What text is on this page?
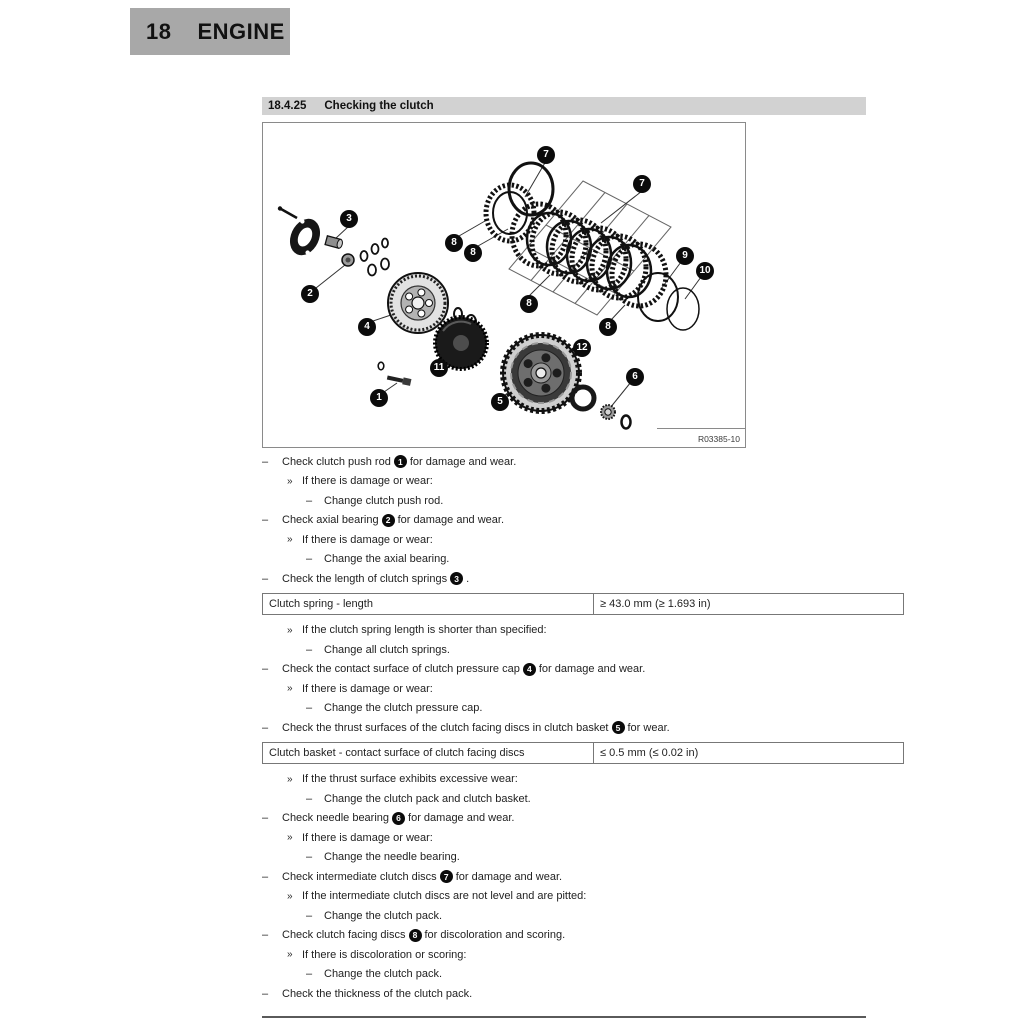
18 ENGINE
18.4.25 Checking the clutch
7
7
3
8
8	9
10
2
8
4	8
12
11
6
1	5
R03385-10
–	Check clutch push rod 1 for damage and wear.
» If there is damage or wear:
–	Change clutch push rod.
–	Check axial bearing 2 for damage and wear.
» If there is damage or wear:
–	Change the axial bearing.
–	Check the length of clutch springs 3 .
Clutch spring - length	≥ 43.0 mm (≥ 1.693 in)
» If the clutch spring length is shorter than specified:
–	Change all clutch springs.
–	Check the contact surface of clutch pressure cap 4 for damage and wear.
» If there is damage or wear:
–	Change the clutch pressure cap.
–	Check the thrust surfaces of the clutch facing discs in clutch basket 5 for wear.
Clutch basket - contact surface of clutch facing discs	≤ 0.5 mm (≤ 0.02 in)
» If the thrust surface exhibits excessive wear:
–	Change the clutch pack and clutch basket.
–	Check needle bearing 6 for damage and wear.
» If there is damage or wear:
–	Change the needle bearing.
–	Check intermediate clutch discs 7 for damage and wear.
» If the intermediate clutch discs are not level and are pitted:
–	Change the clutch pack.
–	Check clutch facing discs 8 for discoloration and scoring.
» If there is discoloration or scoring:
–	Change the clutch pack.
–	Check the thickness of the clutch pack.
